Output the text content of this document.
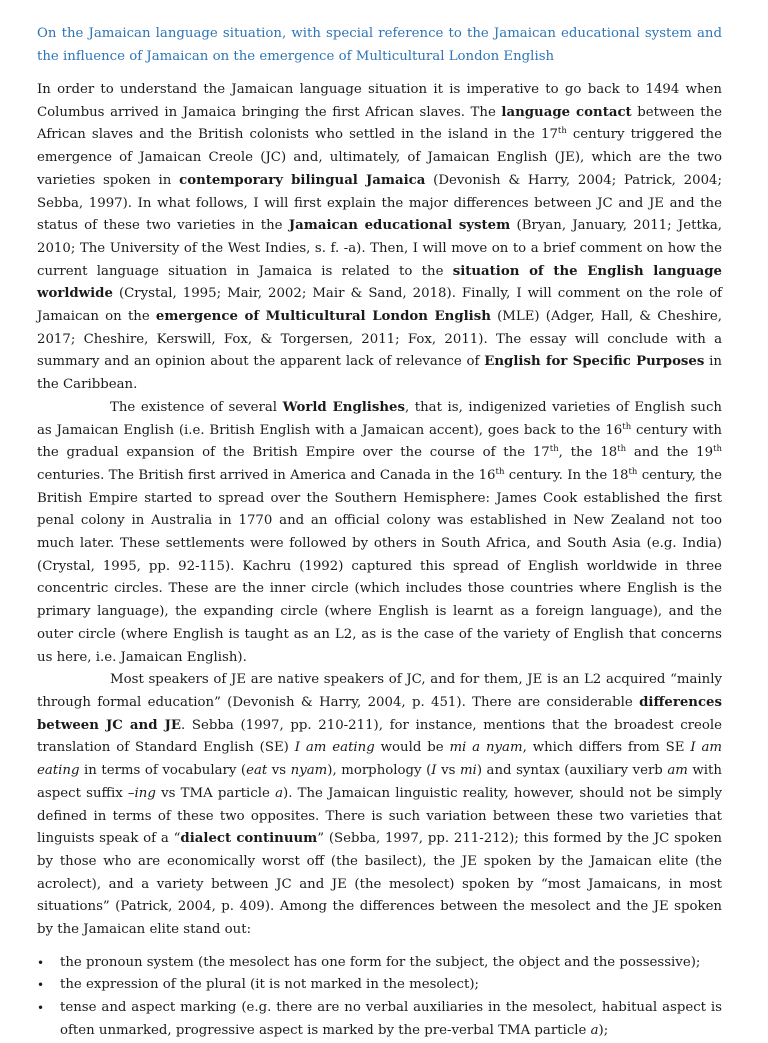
On the Jamaican language situation, with special reference to the Jamaican educational system and the influence of Jamaican on the emergence of Multicultural London English

In order to understand the Jamaican language situation it is imperative to go back to 1494 when Columbus arrived in Jamaica bringing the first African slaves. The language contact between the African slaves and the British colonists who settled in the island in the 17th century triggered the emergence of Jamaican Creole (JC) and, ultimately, of Jamaican English (JE), which are the two varieties spoken in contemporary bilingual Jamaica (Devonish & Harry, 2004; Patrick, 2004; Sebba, 1997). In what follows, I will first explain the major differences between JC and JE and the status of these two varieties in the Jamaican educational system (Bryan, January, 2011; Jettka, 2010; The University of the West Indies, s. f. -a). Then, I will move on to a brief comment on how the current language situation in Jamaica is related to the situation of the English language worldwide (Crystal, 1995; Mair, 2002; Mair & Sand, 2018). Finally, I will comment on the role of Jamaican on the emergence of Multicultural London English (MLE) (Adger, Hall, & Cheshire, 2017; Cheshire, Kerswill, Fox, & Torgersen, 2011; Fox, 2011). The essay will conclude with a summary and an opinion about the apparent lack of relevance of English for Specific Purposes in the Caribbean.

The existence of several World Englishes, that is, indigenized varieties of English such as Jamaican English (i.e. British English with a Jamaican accent), goes back to the 16th century with the gradual expansion of the British Empire over the course of the 17th, the 18th and the 19th centuries. The British first arrived in America and Canada in the 16th century. In the 18th century, the British Empire started to spread over the Southern Hemisphere: James Cook established the first penal colony in Australia in 1770 and an official colony was established in New Zealand not too much later. These settlements were followed by others in South Africa, and South Asia (e.g. India) (Crystal, 1995, pp. 92-115). Kachru (1992) captured this spread of English worldwide in three concentric circles. These are the inner circle (which includes those countries where English is the primary language), the expanding circle (where English is learnt as a foreign language), and the outer circle (where English is taught as an L2, as is the case of the variety of English that concerns us here, i.e. Jamaican English).

Most speakers of JE are native speakers of JC, and for them, JE is an L2 acquired “mainly through formal education” (Devonish & Harry, 2004, p. 451). There are considerable differences between JC and JE. Sebba (1997, pp. 210-211), for instance, mentions that the broadest creole translation of Standard English (SE) I am eating would be mi a nyam, which differs from SE I am eating in terms of vocabulary (eat vs nyam), morphology (I vs mi) and syntax (auxiliary verb am with aspect suffix –ing vs TMA particle a). The Jamaican linguistic reality, however, should not be simply defined in terms of these two opposites. There is such variation between these two varieties that linguists speak of a “dialect continuum” (Sebba, 1997, pp. 211-212); this formed by the JC spoken by those who are economically worst off (the basilect), the JE spoken by the Jamaican elite (the acrolect), and a variety between JC and JE (the mesolect) spoken by “most Jamaicans, in most situations” (Patrick, 2004, p. 409). Among the differences between the mesolect and the JE spoken by the Jamaican elite stand out:

• the pronoun system (the mesolect has one form for the subject, the object and the possessive);
• the expression of the plural (it is not marked in the mesolect);
• tense and aspect marking (e.g. there are no verbal auxiliaries in the mesolect, habitual aspect is often unmarked, progressive aspect is marked by the pre-verbal TMA particle a);
